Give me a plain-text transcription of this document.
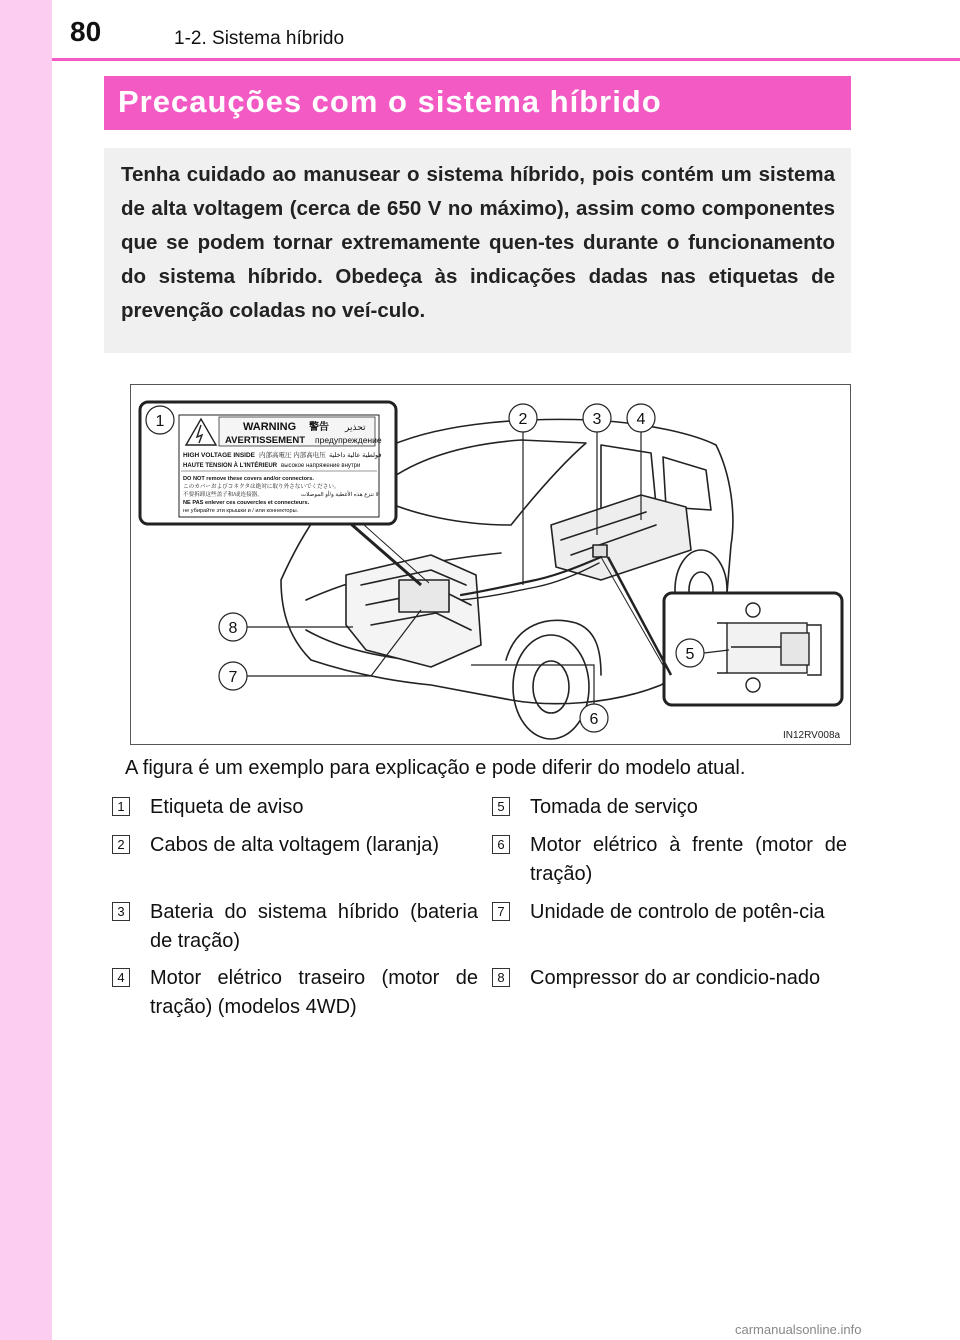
80	1-2. Sistema híbrido
Precauções com o sistema híbrido

Tenha cuidado ao manusear o sistema híbrido, pois contém um sistema de alta voltagem (cerca de 650 V no máximo), assim como componentes que se podem tornar extremamente quen-tes durante o funcionamento do sistema híbrido. Obedeça às indicações dadas nas etiquetas de prevenção coladas no veí-culo.

WARNING 警告 تحذير
AVERTISSEMENT предупреждение
HIGH VOLTAGE INSIDE 内部高電圧 内部高电压 فولطية عالية داخلية
HAUTE TENSION À L'INTÉRIEUR высокое напряжение внутри
DO NOT remove these covers and/or connectors.
このカバーおよびコネクタは絶対に取り外さないでください。
不要拆卸这些盖子和/或连接器。	لا تنزع هذه الأغطية و/أو الموصلات
NE PAS enlever ces couvercles et connecteurs.
не убирайте эти крышки и / или коннекторы.
1	2	3 4
5
6
7
8
IN12RV008a
A figura é um exemplo para explicação e pode diferir do modelo atual.
1 Etiqueta de aviso
2 Cabos de alta voltagem (laranja)
3 Bateria do sistema híbrido (bateria de tração)
4 Motor elétrico traseiro (motor de tração) (modelos 4WD)
5 Tomada de serviço
6 Motor elétrico à frente (motor de tração)
7 Unidade de controlo de potên-cia
8 Compressor do ar condicio-nado
carmanualsonline.info
